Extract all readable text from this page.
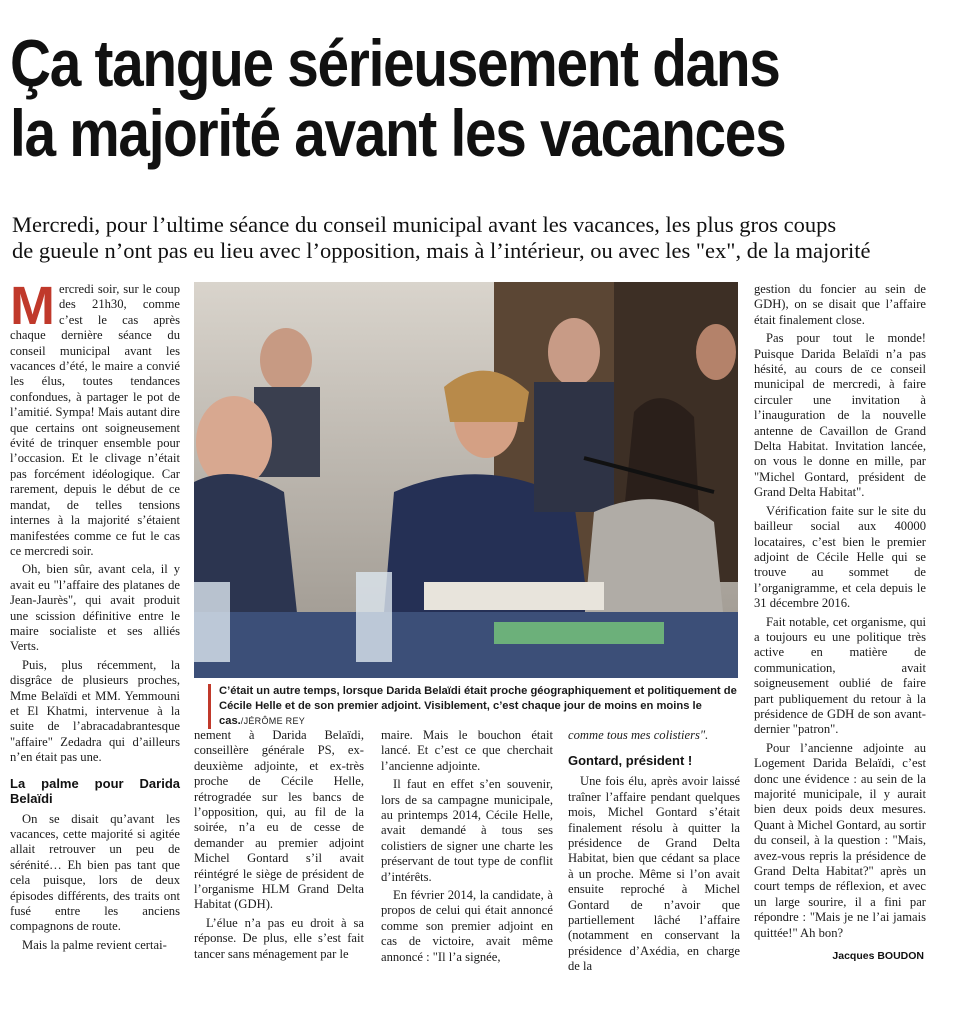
Ça tangue sérieusement dans
la majorité avant les vacances

Mercredi, pour l’ultime séance du conseil municipal avant les vacances, les plus gros coups
de gueule n’ont pas eu lieu avec l’opposition, mais à l’intérieur, ou avec les "ex", de la majorité

Mercredi soir, sur le coup des 21h30, comme c’est le cas après chaque dernière séance du conseil municipal avant les vacances d’été, le maire a convié les élus, toutes tendances confondues, à partager le pot de l’amitié. Sympa! Mais autant dire que certains ont soigneusement évité de trinquer ensemble pour l’occasion. Et le clivage n’était pas forcément idéologique. Car rarement, depuis le début de ce mandat, de telles tensions internes à la majorité s’étaient manifestées comme ce fut le cas ce mercredi soir.

Oh, bien sûr, avant cela, il y avait eu "l’affaire des platanes de Jean-Jaurès", qui avait produit une scission définitive entre le maire socialiste et ses alliés Verts.

Puis, plus récemment, la disgrâce de plusieurs proches, Mme Belaïdi et MM. Yemmouni et El Khatmi, intervenue à la suite de l’abracadabrantesque "affaire" Zedadra qui d’ailleurs n’en était pas une.

La palme pour Darida Belaïdi

On se disait qu’avant les vacances, cette majorité si agitée allait retrouver un peu de sérénité… Eh bien pas tant que cela puisque, lors de deux épisodes différents, des traits ont fusé entre les anciens compagnons de route.

Mais la palme revient certai-

C’était un autre temps, lorsque Darida Belaïdi était proche géographiquement et politiquement de Cécile Helle et de son premier adjoint. Visiblement, c’est chaque jour de moins en moins le cas./JÉRÔME REY

nement à Darida Belaïdi, conseillère générale PS, ex-deuxième adjointe, et ex-très proche de Cécile Helle, rétrogradée sur les bancs de l’opposition, qui, au fil de la soirée, n’a eu de cesse de demander au premier adjoint Michel Gontard s’il avait réintégré le siège de président de l’organisme HLM Grand Delta Habitat (GDH).

L’élue n’a pas eu droit à sa réponse. De plus, elle s’est fait tancer sans ménagement par le

maire. Mais le bouchon était lancé. Et c’est ce que cherchait l’ancienne adjointe.

Il faut en effet s’en souvenir, lors de sa campagne municipale, au printemps 2014, Cécile Helle, avait demandé à tous ses colistiers de signer une charte les préservant de tout type de conflit d’intérêts.

En février 2014, la candidate, à propos de celui qui était annoncé comme son premier adjoint en cas de victoire, avait même annoncé : "Il l’a signée,

comme tous mes colistiers".

Gontard, président !

Une fois élu, après avoir laissé traîner l’affaire pendant quelques mois, Michel Gontard s’était finalement résolu à quitter la présidence de Grand Delta Habitat, bien que cédant sa place à un proche. Même si l’on avait ensuite reproché à Michel Gontard de n’avoir que partiellement lâché l’affaire (notamment en conservant la présidence d’Axédia, en charge de la

gestion du foncier au sein de GDH), on se disait que l’affaire était finalement close.

Pas pour tout le monde! Puisque Darida Belaïdi n’a pas hésité, au cours de ce conseil municipal de mercredi, à faire circuler une invitation à l’inauguration de la nouvelle antenne de Cavaillon de Grand Delta Habitat. Invitation lancée, on vous le donne en mille, par "Michel Gontard, président de Grand Delta Habitat".

Vérification faite sur le site du bailleur social aux 40000 locataires, c’est bien le premier adjoint de Cécile Helle qui se trouve au sommet de l’organigramme, et cela depuis le 31 décembre 2016.

Fait notable, cet organisme, qui a toujours eu une politique très active en matière de communication, avait soigneusement oublié de faire part publiquement du retour à la présidence de GDH de son avant-dernier "patron".

Pour l’ancienne adjointe au Logement Darida Belaïdi, c’est donc une évidence : au sein de la majorité municipale, il y aurait bien deux poids deux mesures. Quant à Michel Gontard, au sortir du conseil, à la question : "Mais, avez-vous repris la présidence de Grand Delta Habitat?" après un court temps de réflexion, et avec un large sourire, il a fini par répondre : "Mais je ne l’ai jamais quittée!" Ah bon?

Jacques BOUDON
